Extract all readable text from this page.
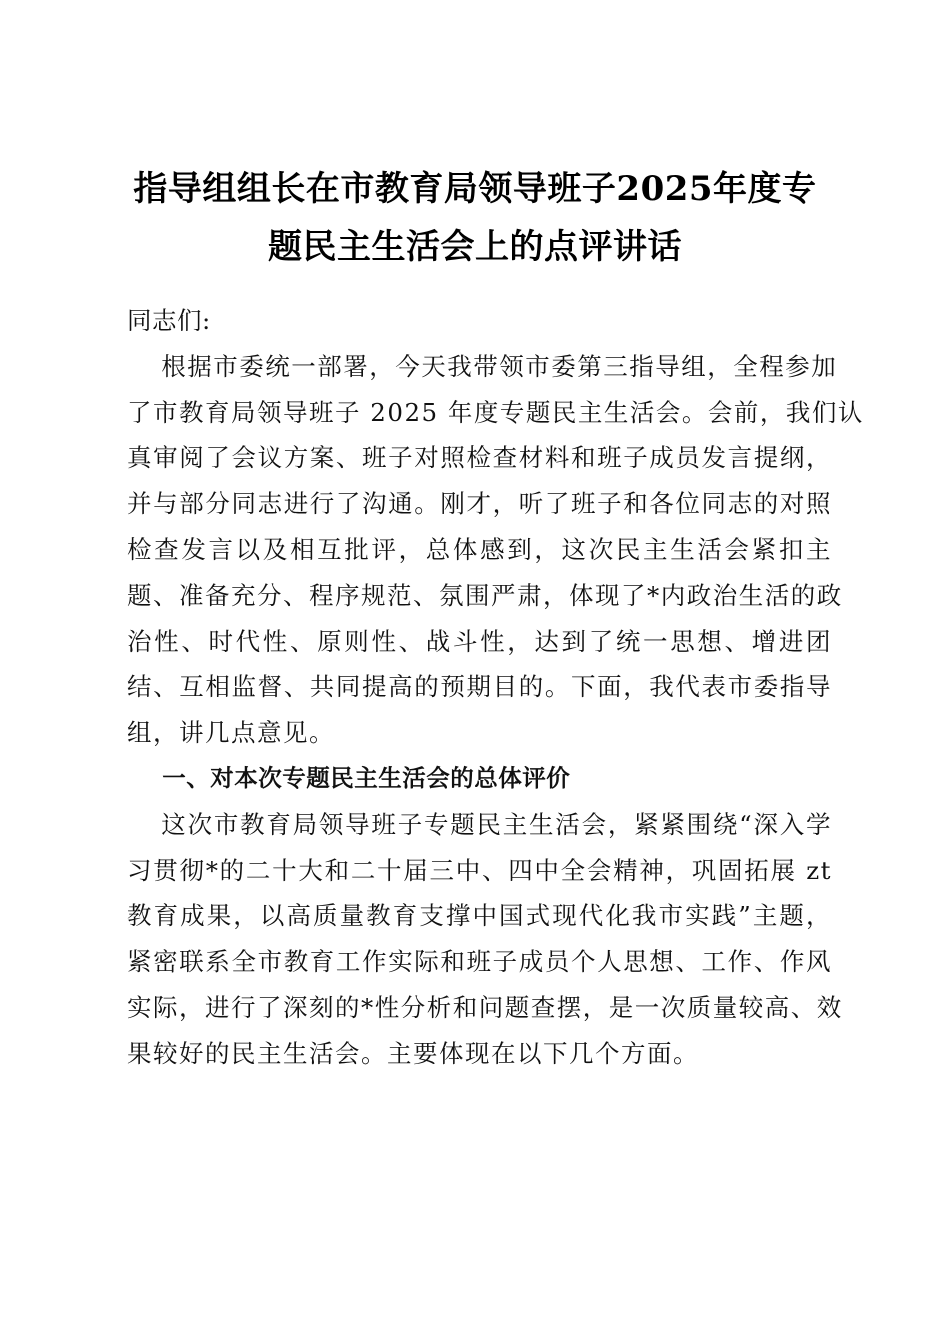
指导组组长在市教育局领导班子2025年度专
题民主生活会上的点评讲话

同志们:

根据市委统一部署，今天我带领市委第三指导组，全程参加
了市教育局领导班子 2025 年度专题民主生活会。会前，我们认
真审阅了会议方案、班子对照检查材料和班子成员发言提纲，
并与部分同志进行了沟通。刚才，听了班子和各位同志的对照
检查发言以及相互批评，总体感到，这次民主生活会紧扣主
题、准备充分、程序规范、氛围严肃，体现了*内政治生活的政
治性、时代性、原则性、战斗性，达到了统一思想、增进团
结、互相监督、共同提高的预期目的。下面，我代表市委指导
组，讲几点意见。

一、对本次专题民主生活会的总体评价

这次市教育局领导班子专题民主生活会，紧紧围绕“深入学
习贯彻*的二十大和二十届三中、四中全会精神，巩固拓展 zt
教育成果，以高质量教育支撑中国式现代化我市实践”主题，
紧密联系全市教育工作实际和班子成员个人思想、工作、作风
实际，进行了深刻的*性分析和问题查摆，是一次质量较高、效
果较好的民主生活会。主要体现在以下几个方面。
